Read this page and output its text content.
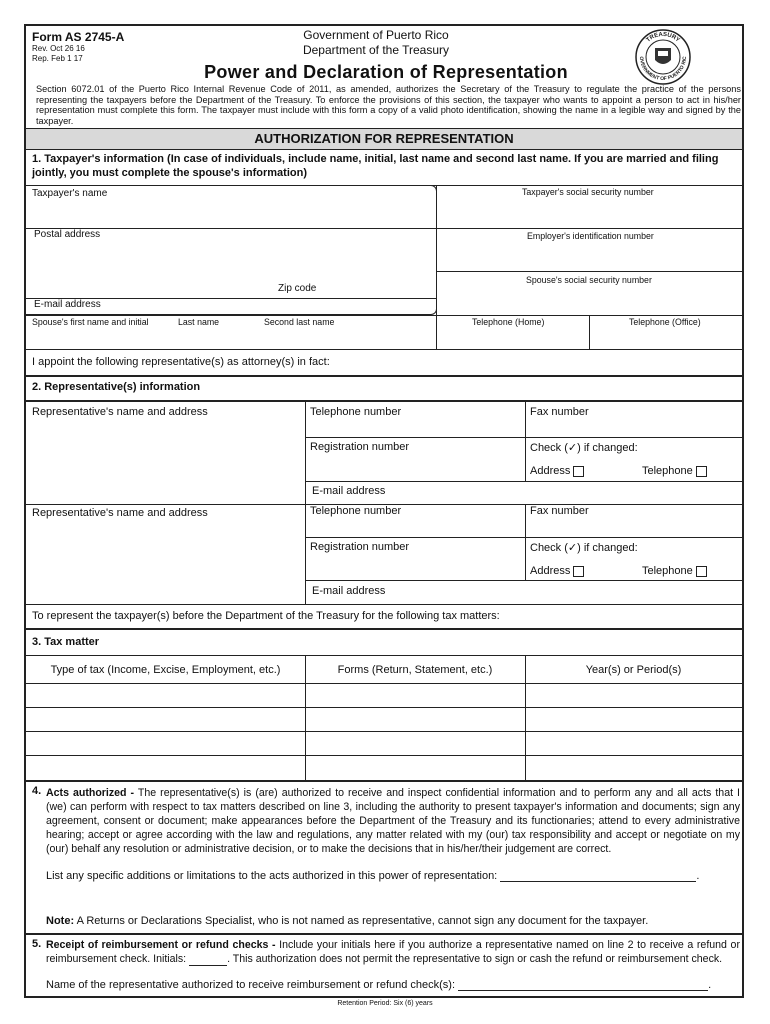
Form AS 2745-A
Rev. Oct 26 16
Rep. Feb 1 17
Government of Puerto Rico
Department of the Treasury
Power and Declaration of Representation
TREASURY
OVERNMENT OF PUERTO RIC
Section 6072.01 of the Puerto Rico Internal Revenue Code of 2011, as amended, authorizes the Secretary of the Treasury to regulate the practice of the persons representing the taxpayers before the Department of the Treasury. To enforce the provisions of this section, the taxpayer who wants to appoint a person to act in his/her representation must complete this form. The taxpayer must include with this form a copy of a valid photo identification, showing the name in a legible way and signed by the taxpayer.
AUTHORIZATION FOR REPRESENTATION
1. Taxpayer's information (In case of individuals, include name, initial, last name and second last name. If you are married and filing jointly, you must complete the spouse's information)
Taxpayer's name
Postal address
Zip code
E-mail address
Taxpayer's social security number
Employer's identification number
Spouse's social security number
Spouse's first name and initial	Last name	Second last name	Telephone (Home)	Telephone (Office)
I appoint the following representative(s) as attorney(s) in fact:
2. Representative(s) information
Representative's name and address	Telephone number	Fax number
Registration number	Check (✓) if changed:
Address	Telephone
E-mail address
Representative's name and address	Telephone number	Fax number
Registration number	Check (✓) if changed:
Address	Telephone
E-mail address
To represent the taxpayer(s) before the Department of the Treasury for the following tax matters:
3. Tax matter
Type of tax (Income, Excise, Employment, etc.)	Forms (Return, Statement, etc.)	Year(s) or Period(s)
4. Acts authorized - The representative(s) is (are) authorized to receive and inspect confidential information and to perform any and all acts that I (we) can perform with respect to tax matters described on line 3, including the authority to present taxpayer's information and documents; sign any agreement, consent or document; make appearances before the Department of the Treasury and its functionaries; attend to every administrative hearing; accept or agree according with the law and regulations, any matter related with my (our) tax responsibility and accept or negotiate on my (our) behalf any resolution or administrative decision, or to make the decisions that in his/her/their judgement are correct.
List any specific additions or limitations to the acts authorized in this power of representation:	.
Note: A Returns or Declarations Specialist, who is not named as representative, cannot sign any document for the taxpayer.
5. Receipt of reimbursement or refund checks - Include your initials here if you authorize a representative named on line 2 to receive a refund or reimbursement check. Initials:	. This authorization does not permit the representative to sign or cash the refund or reimbursement check.
Name of the representative authorized to receive reimbursement or refund check(s):	.
Retention Period: Six (6) years
